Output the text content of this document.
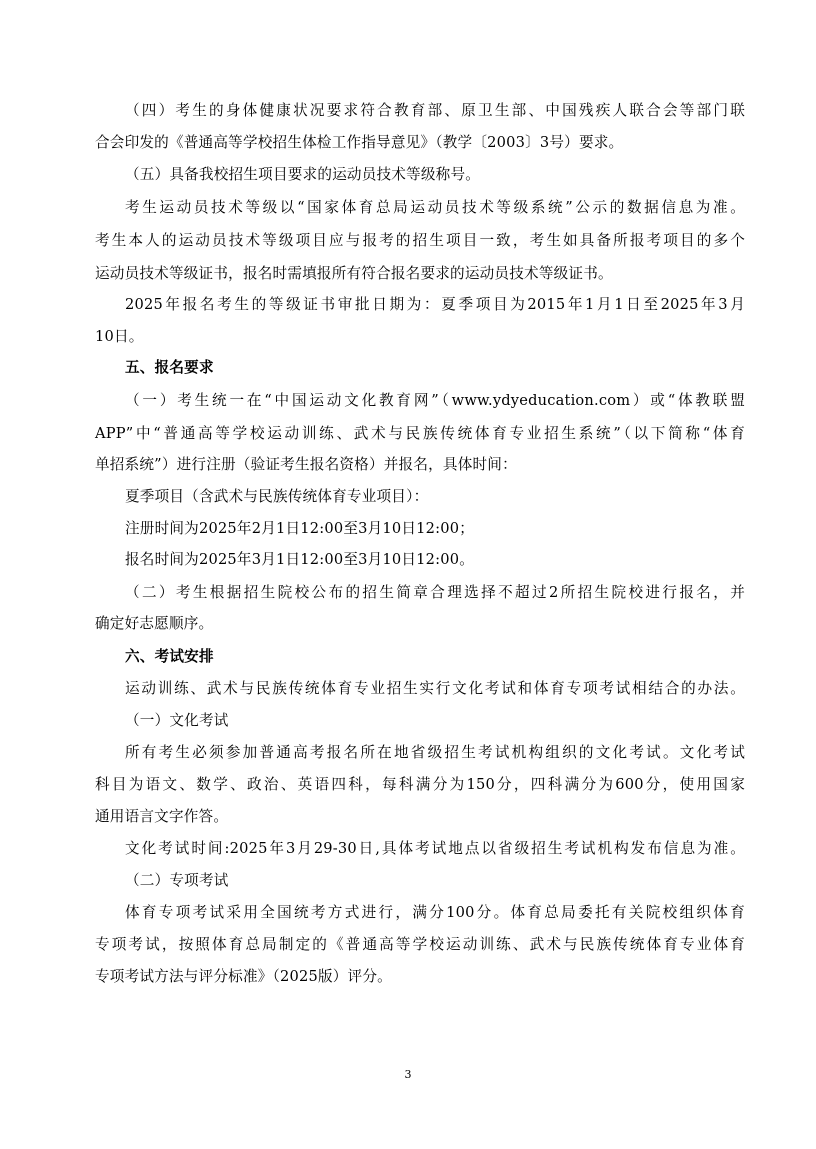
（四）考生的身体健康状况要求符合教育部、原卫生部、中国残疾人联合会等部门联
合会印发的《普通高等学校招生体检工作指导意见》（教学〔2003〕3号）要求。
（五）具备我校招生项目要求的运动员技术等级称号。
考生运动员技术等级以“国家体育总局运动员技术等级系统”公示的数据信息为准。
考生本人的运动员技术等级项目应与报考的招生项目一致，考生如具备所报考项目的多个
运动员技术等级证书，报名时需填报所有符合报名要求的运动员技术等级证书。
2025年报名考生的等级证书审批日期为：夏季项目为2015年1月1日至2025年3月
10日。
五、报名要求
（一）考生统一在“中国运动文化教育网”（www.ydyeducation.com）或“体教联盟
APP”中“普通高等学校运动训练、武术与民族传统体育专业招生系统”（以下简称“体育
单招系统”）进行注册（验证考生报名资格）并报名，具体时间：
夏季项目（含武术与民族传统体育专业项目）：
注册时间为2025年2月1日12:00至3月10日12:00；
报名时间为2025年3月1日12:00至3月10日12:00。
（二）考生根据招生院校公布的招生简章合理选择不超过2所招生院校进行报名，并
确定好志愿顺序。
六、考试安排
运动训练、武术与民族传统体育专业招生实行文化考试和体育专项考试相结合的办法。
（一）文化考试
所有考生必须参加普通高考报名所在地省级招生考试机构组织的文化考试。文化考试
科目为语文、数学、政治、英语四科，每科满分为150分，四科满分为600分，使用国家
通用语言文字作答。
文化考试时间:2025年3月29-30日,具体考试地点以省级招生考试机构发布信息为准。
（二）专项考试
体育专项考试采用全国统考方式进行，满分100分。体育总局委托有关院校组织体育
专项考试，按照体育总局制定的《普通高等学校运动训练、武术与民族传统体育专业体育
专项考试方法与评分标准》（2025版）评分。
3
